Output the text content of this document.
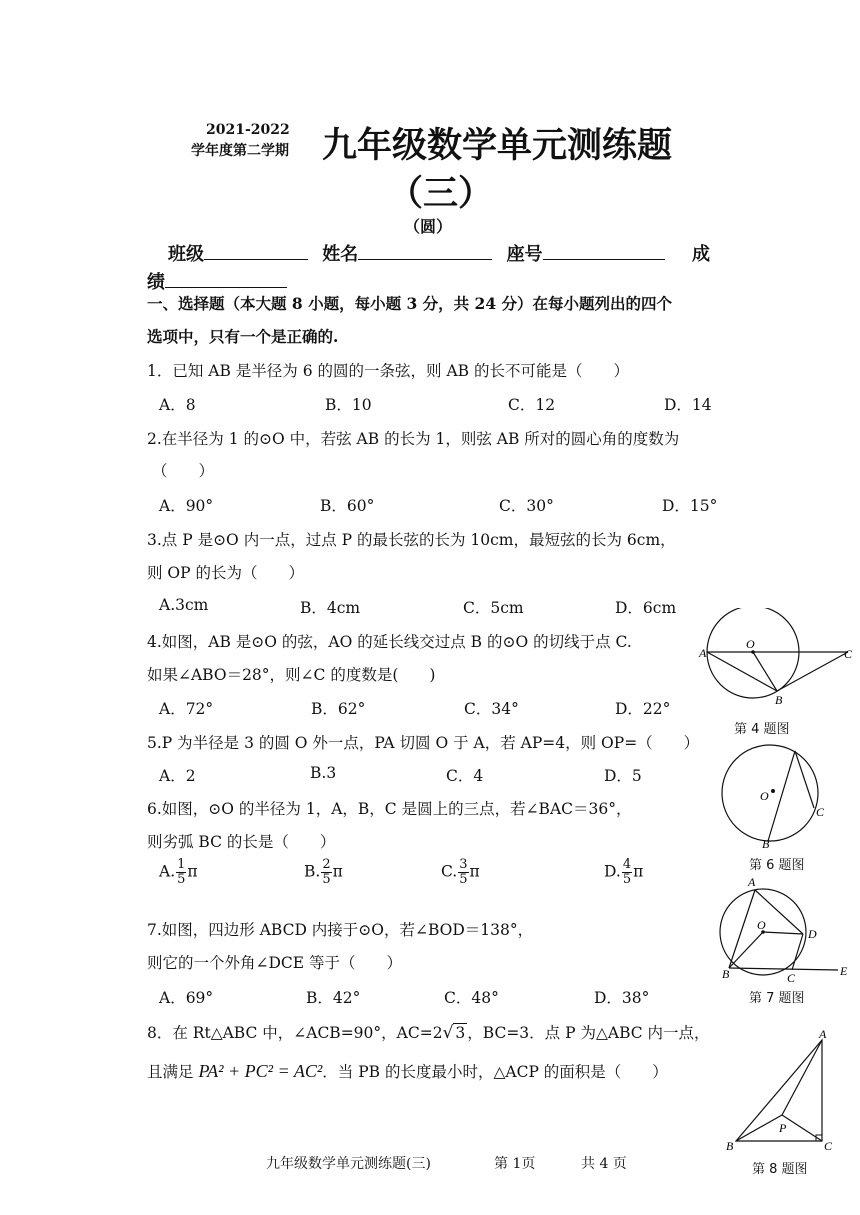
2021-2022
学年度第二学期 九年级数学单元测练题
（三）
（圆）
班级	姓名	座号	成
绩
一、选择题（本大题 8 小题，每小题 3 分，共 24 分）在每小题列出的四个
选项中，只有一个是正确的.
1．已知 AB 是半径为 6 的圆的一条弦，则 AB 的长不可能是（　　）
A．8	B．10	C．12	D．14
2.在半径为 1 的⊙O 中，若弦 AB 的长为 1，则弦 AB 所对的圆心角的度数为
（　　）
A．90°	B．60°	C．30°	D．15°
3.点 P 是⊙O 内一点，过点 P 的最长弦的长为 10cm，最短弦的长为 6cm，
则 OP 的长为（　　）
A.3cm	B．4cm	C．5cm	D．6cm
4.如图，AB 是⊙O 的弦，AO 的延长线交过点 B 的⊙O 的切线于点 C.
如果∠ABO＝28°，则∠C 的度数是(　　)
A．72°	B．62°	C．34°	D．22°
5.P 为半径是 3 的圆 O 外一点，PA 切圆 O 于 A，若 AP=4，则 OP=（　　）
A．2	B.3	C．4	D．5
6.如图，⊙O 的半径为 1，A，B，C 是圆上的三点，若∠BAC＝36°，
则劣弧 BC 的长是（　　）
A. $\frac{1}{5}$ π	B. $\frac{2}{5}$ π	C. $\frac{3}{5}$ π	D. $\frac{4}{5}$ π
7.如图，四边形 ABCD 内接于⊙O，若∠BOD＝138°，
则它的一个外角∠DCE 等于（　　）
A．69°	B．42°	C．48°	D．38°
8．在 Rt△ABC 中，∠ACB=90°，AC=2√ 3 ，BC=3．点 P 为△ABC 内一点，
且满足 PA² + PC² = AC²．当 PB 的长度最小时，△ACP 的面积是（　　）
A
O
C
B
第 4 题图
O
C
B
第 6 题图
A
O
D
B	C	E
第 7 题图
A
P
B	C
第 8 题图
九年级数学单元测练题(三)	第 1页	共 4 页
